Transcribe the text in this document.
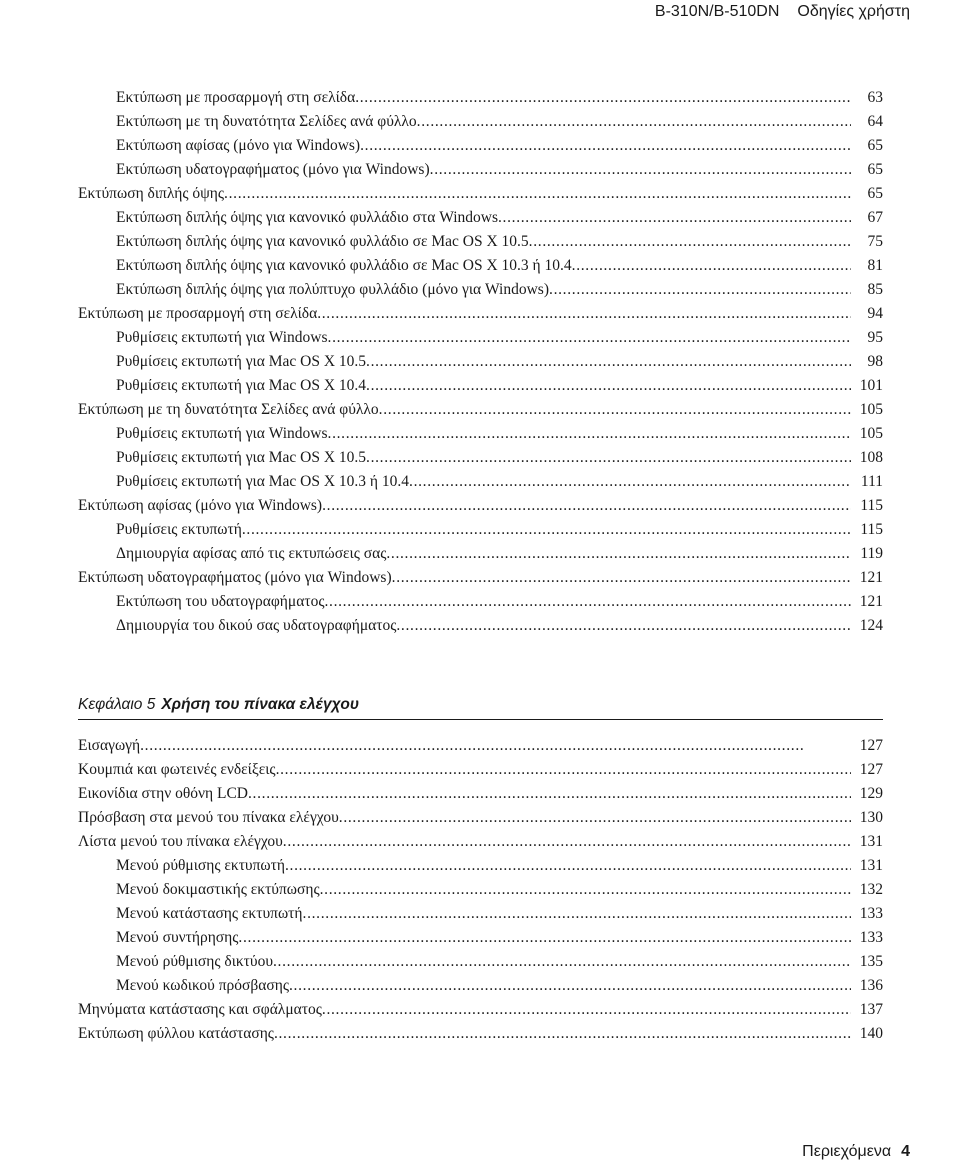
B-310N/B-510DN Οδηγίες χρήστη
Εκτύπωση με προσαρμογή στη σελίδα . . .	63
Εκτύπωση με τη δυνατότητα Σελίδες ανά φύλλο . . .	64
Εκτύπωση αφίσας (μόνο για Windows) . . .	65
Εκτύπωση υδατογραφήματος (μόνο για Windows) . . .	65
Εκτύπωση διπλής όψης . . .	65
Εκτύπωση διπλής όψης για κανονικό φυλλάδιο στα Windows . . .	67
Εκτύπωση διπλής όψης για κανονικό φυλλάδιο σε Mac OS X 10.5 . . .	75
Εκτύπωση διπλής όψης για κανονικό φυλλάδιο σε Mac OS X 10.3 ή 10.4 . . .	81
Εκτύπωση διπλής όψης για πολύπτυχο φυλλάδιο (μόνο για Windows) . . .	85
Εκτύπωση με προσαρμογή στη σελίδα . . .	94
Ρυθμίσεις εκτυπωτή για Windows . . .	95
Ρυθμίσεις εκτυπωτή για Mac OS X 10.5 . . .	98
Ρυθμίσεις εκτυπωτή για Mac OS X 10.4 . . .	101
Εκτύπωση με τη δυνατότητα Σελίδες ανά φύλλο . . .	105
Ρυθμίσεις εκτυπωτή για Windows . . .	105
Ρυθμίσεις εκτυπωτή για Mac OS X 10.5 . . .	108
Ρυθμίσεις εκτυπωτή για Mac OS X 10.3 ή 10.4 . . .	111
Εκτύπωση αφίσας (μόνο για Windows) . . .	115
Ρυθμίσεις εκτυπωτή . . .	115
Δημιουργία αφίσας από τις εκτυπώσεις σας . . .	119
Εκτύπωση υδατογραφήματος (μόνο για Windows) . . .	121
Εκτύπωση του υδατογραφήματος . . .	121
Δημιουργία του δικού σας υδατογραφήματος . . .	124
Κεφάλαιο 5 Χρήση του πίνακα ελέγχου
Εισαγωγή . . .	127
Κουμπιά και φωτεινές ενδείξεις . . .	127
Εικονίδια στην οθόνη LCD . . .	129
Πρόσβαση στα μενού του πίνακα ελέγχου . . .	130
Λίστα μενού του πίνακα ελέγχου . . .	131
Μενού ρύθμισης εκτυπωτή . . .	131
Μενού δοκιμαστικής εκτύπωσης . . .	132
Μενού κατάστασης εκτυπωτή . . .	133
Μενού συντήρησης . . .	133
Μενού ρύθμισης δικτύου . . .	135
Μενού κωδικού πρόσβασης . . .	136
Μηνύματα κατάστασης και σφάλματος . . .	137
Εκτύπωση φύλλου κατάστασης . . .	140
Περιεχόμενα 4
